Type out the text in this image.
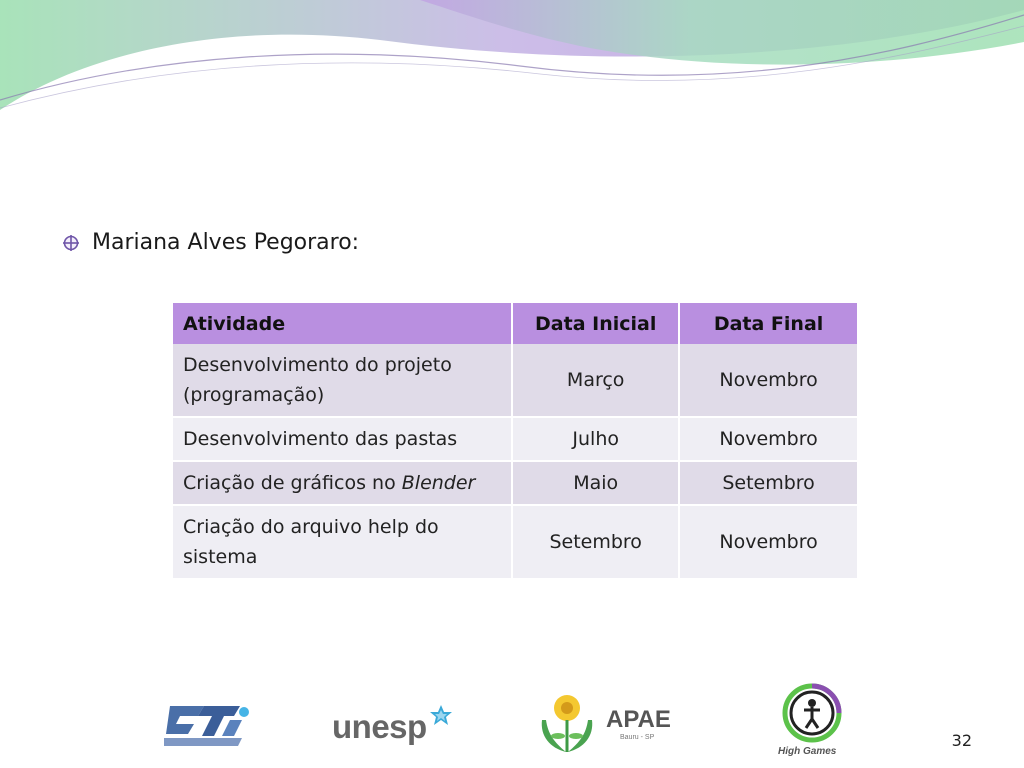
Mariana Alves Pegoraro:
Atividade	Data Inicial	Data Final
Desenvolvimento do projeto (programação)	Março	Novembro
Desenvolvimento das pastas	Julho	Novembro
Criação de gráficos no Blender	Maio	Setembro
Criação do arquivo help do sistema	Setembro	Novembro
CTI
unesp	APAE
Bauru - SP
High Games
32
